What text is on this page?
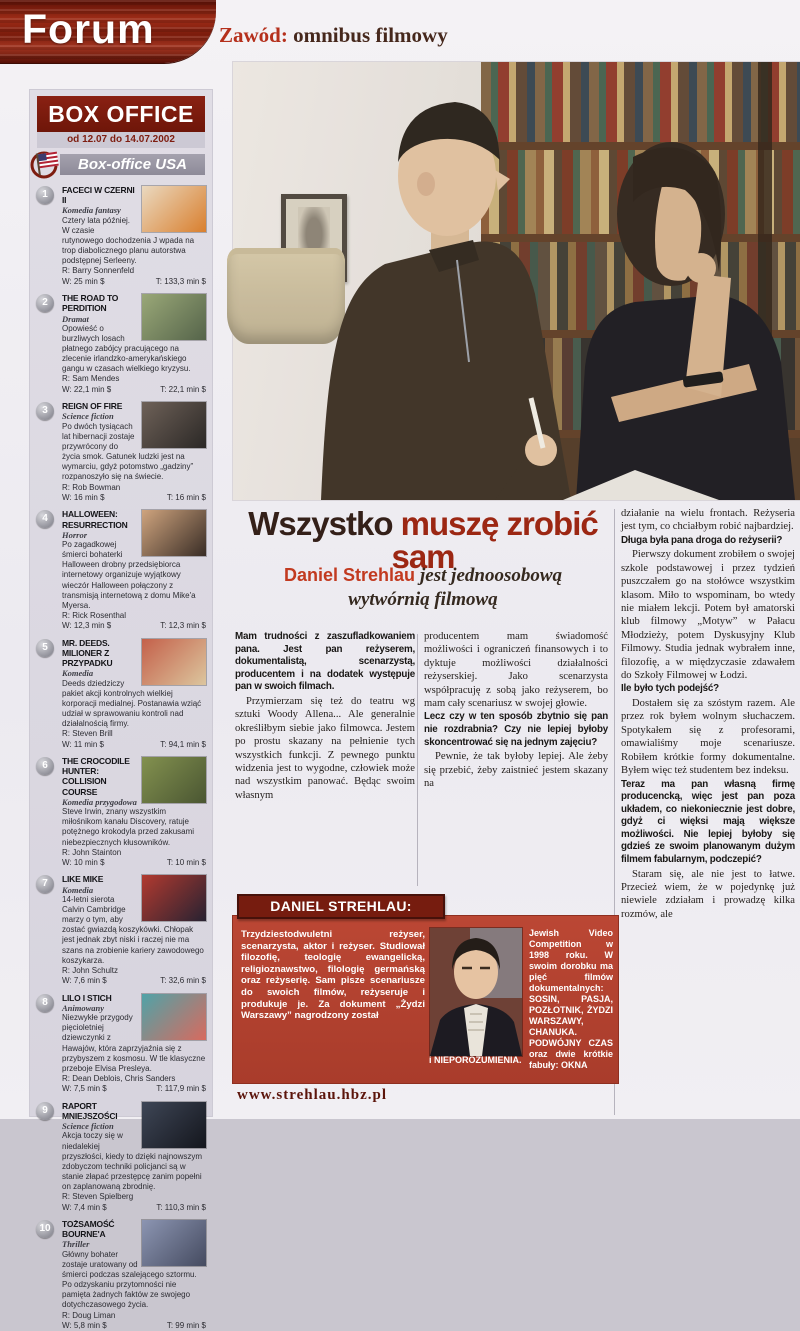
Forum	Zawód: omnibus filmowy
BOX OFFICE
od 12.07 do 14.07.2002
Box-office USA
1	FACECI W CZERNI II
Komedia fantasy
Cztery lata później. W czasie rutynowego dochodzenia J wpada na trop diabolicznego planu autorstwa podstępnej Serleeny.
R: Barry Sonnenfeld
W: 25 min $	T: 133,3 min $
2	THE ROAD TO PERDITION
Dramat
Opowieść o burzliwych losach płatnego zabójcy pracującego na zlecenie irlandzko-amerykańskiego gangu w czasach wielkiego kryzysu.
R: Sam Mendes
W: 22,1 min $	T: 22,1 min $
3	REIGN OF FIRE
Science fiction
Po dwóch tysiącach lat hibernacji zostaje przywrócony do życia smok. Gatunek ludzki jest na wymarciu, gdyż potomstwo „gadziny” rozpanoszyło się na świecie.
R: Rob Bowman
W: 16 min $	T: 16 min $
4	HALLOWEEN: RESURRECTION
Horror
Po zagadkowej śmierci bohaterki Halloween drobny przedsiębiorca internetowy organizuje wyjątkowy wieczór Halloween połączony z transmisją internetową z domu Mike'a Myersa.
R: Rick Rosenthal
W: 12,3 min $	T: 12,3 min $
5	MR. DEEDS. MILIONER Z PRZYPADKU
Komedia
Deeds dziedziczy pakiet akcji kontrolnych wielkiej korporacji medialnej. Postanawia wziąć udział w sprawowaniu kontroli nad działalnością firmy.
R: Steven Brill
W: 11 min $	T: 94,1 min $
6	THE CROCODILE HUNTER: COLLISION COURSE
Komedia przygodowa
Steve Irwin, znany wszystkim miłośnikom kanału Discovery, ratuje potężnego krokodyla przed zakusami niebezpiecznych kłusowników.
R: John Stainton
W: 10 min $	T: 10 min $
7	LIKE MIKE
Komedia
14-letni sierota Calvin Cambridge marzy o tym, aby zostać gwiazdą koszykówki. Chłopak jest jednak zbyt niski i raczej nie ma szans na zrobienie kariery zawodowego koszykarza.
R: John Schultz
W: 7,6 min $	T: 32,6 min $
8	LILO I STICH
Animowany
Niezwykłe przygody pięcioletniej dziewczynki z Hawajów, która zaprzyjaźnia się z przybyszem z kosmosu. W tle klasyczne przeboje Elvisa Presleya.
R: Dean Deblois, Chris Sanders
W: 7,5 min $	T: 117,9 min $
9	RAPORT MNIEJSZOŚCI
Science fiction
Akcja toczy się w niedalekiej przyszłości, kiedy to dzięki najnowszym zdobyczom techniki policjanci są w stanie złapać przestępcę zanim popełni on zaplanowaną zbrodnię.
R: Steven Spielberg
W: 7,4 min $	T: 110,3 min $
10	TOŻSAMOŚĆ BOURNE'A
Thriller
Główny bohater zostaje uratowany od śmierci podczas szalejącego sztormu. Po odzyskaniu przytomności nie pamięta żadnych faktów ze swojego dotychczasowego życia.
R: Doug Liman
W: 5,8 min $	T: 99 min $
Wszystko muszę zrobić sam
Daniel Strehlau jest jednoosobową
wytwórnią filmową

Mam trudności z zaszufladkowaniem pana. Jest pan reżyserem, dokumentalistą, scenarzystą, producentem i na dodatek występuje pan w swoich filmach.

Przymierzam się też do teatru wg sztuki Woody Allena... Ale generalnie określiłbym siebie jako filmowca. Jestem po prostu skazany na pełnienie tych wszystkich funkcji. Z pewnego punktu widzenia jest to wygodne, człowiek może nad wszystkim panować. Będąc swoim własnym

producentem mam świadomość możliwości i ograniczeń finansowych i to dyktuje możliwości działalności reżyserskiej. Jako scenarzysta współpracuję z sobą jako reżyserem, bo mam cały scenariusz w swojej głowie.

Lecz czy w ten sposób zbytnio się pan nie rozdrabnia? Czy nie lepiej byłoby skoncentrować się na jednym zajęciu?

Pewnie, że tak byłoby lepiej. Ale żeby się przebić, żeby zaistnieć jestem skazany na

działanie na wielu frontach. Reżyseria jest tym, co chciałbym robić najbardziej.

Długa była pana droga do reżyserii?

Pierwszy dokument zrobiłem o swojej szkole podstawowej i przez tydzień puszczałem go na stołówce wszystkim klasom. Miło to wspominam, bo wtedy nie miałem lekcji. Potem był amatorski klub filmowy „Motyw” w Pałacu Młodzieży, potem Dyskusyjny Klub Filmowy. Studia jednak wybrałem inne, filozofię, a w międzyczasie zdawałem do Szkoły Filmowej w Łodzi.

Ile było tych podejść?

Dostałem się za szóstym razem. Ale przez rok byłem wolnym słuchaczem. Spotykałem się z profesorami, omawialiśmy moje scenariusze. Robiłem krótkie formy dokumentalne. Byłem więc też studentem bez indeksu.

Teraz ma pan własną firmę producencką, więc jest pan poza układem, co niekoniecznie jest dobre, gdyż ci więksi mają większe możliwości. Nie lepiej byłoby się gdzieś ze swoim planowanym dużym filmem fabularnym, podczepić?

Staram się, ale nie jest to łatwe. Przecież wiem, że w pojedynkę już niewiele zdziałam i prowadzę kilka rozmów, ale

DANIEL STREHLAU:
Trzydziestodwuletni reżyser, scenarzysta, aktor i reżyser. Studiował filozofię, teologię ewangelicką, religioznawstwo, filologię germańską oraz reżyserię. Sam pisze scenariusze do swoich filmów, reżyseruje i produkuje je. Za dokument „Żydzi Warszawy” nagrodzony został
Jewish Video Competition w 1998 roku. W swoim dorobku ma pięć filmów dokumentalnych: SOSIN, PASJA, POZŁOTNIK, ŻYDZI WARSZAWY, CHANUKA. PODWÓJNY CZAS oraz dwie krótkie fabuły: OKNA
i NIEPOROZUMIENIA.
www.strehlau.hbz.pl
